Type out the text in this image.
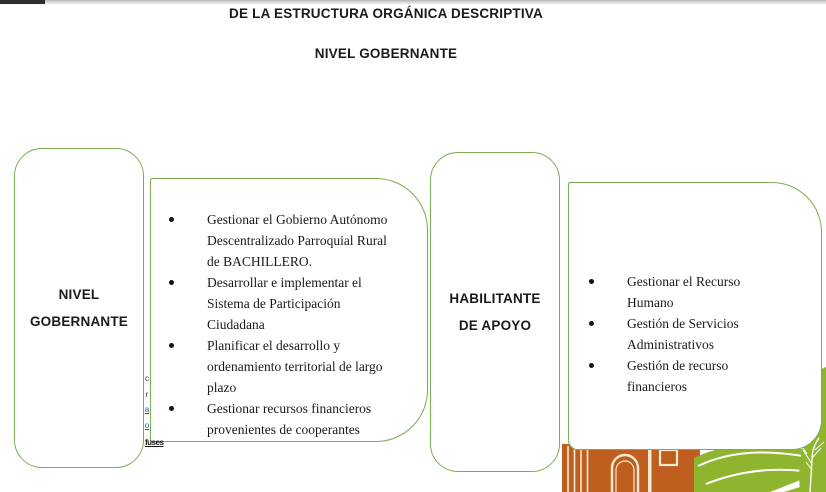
DE LA ESTRUCTURA ORGÁNICA DESCRIPTIVA
NIVEL GOBERNANTE
NIVEL GOBERNANTE
Gestionar el Gobierno Autónomo Descentralizado Parroquial Rural de BACHILLERO.
Desarrollar e implementar el Sistema de Participación Ciudadana
Planificar el desarrollo y ordenamiento territorial de largo plazo
Gestionar recursos financieros provenientes de cooperantes
HABILITANTE DE APOYO
Gestionar el Recurso Humano
Gestión de Servicios Administrativos
Gestión de recurso financieros
c
r
a
o
fuses
